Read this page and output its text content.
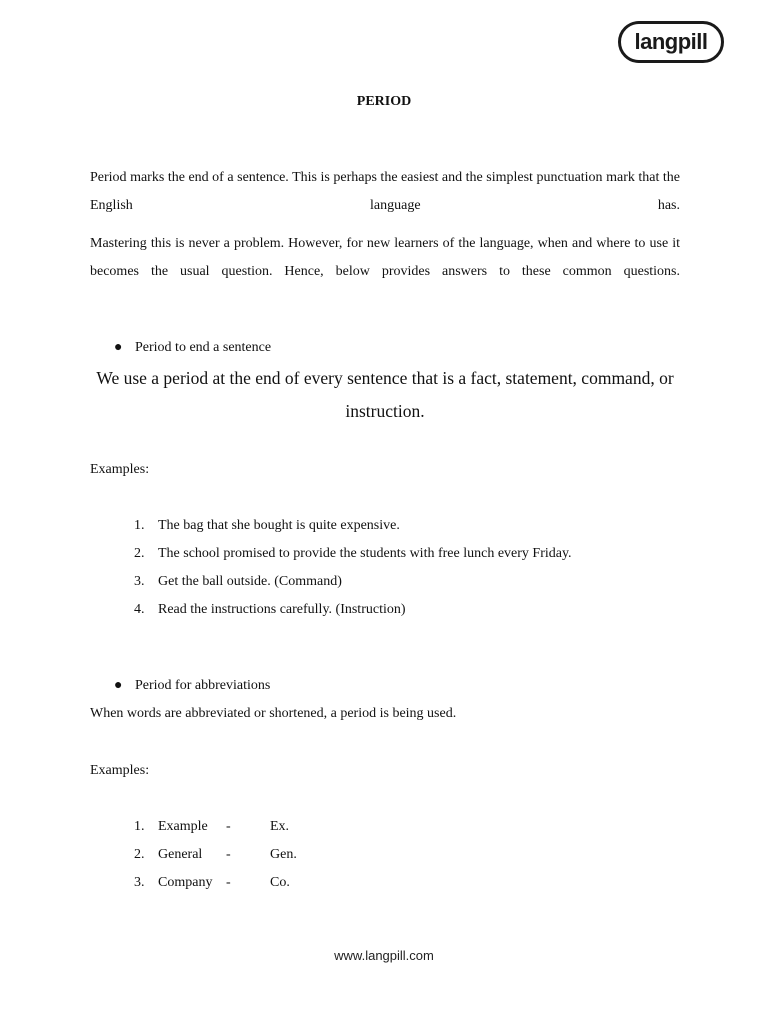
langpill
PERIOD

Period marks the end of a sentence. This is perhaps the easiest and the simplest punctuation mark that the English language has.

Mastering this is never a problem. However, for new learners of the language, when and where to use it becomes the usual question. Hence, below provides answers to these common questions.

● Period to end a sentence
We use a period at the end of every sentence that is a fact, statement, command, or instruction.
Examples:
1. The bag that she bought is quite expensive.
2. The school promised to provide the students with free lunch every Friday.
3. Get the ball outside. (Command)
4. Read the instructions carefully. (Instruction)
● Period for abbreviations
When words are abbreviated or shortened, a period is being used.
Examples:
1. Example	-	Ex.
2. General	-	Gen.
3. Company -	Co.
www.langpill.com
